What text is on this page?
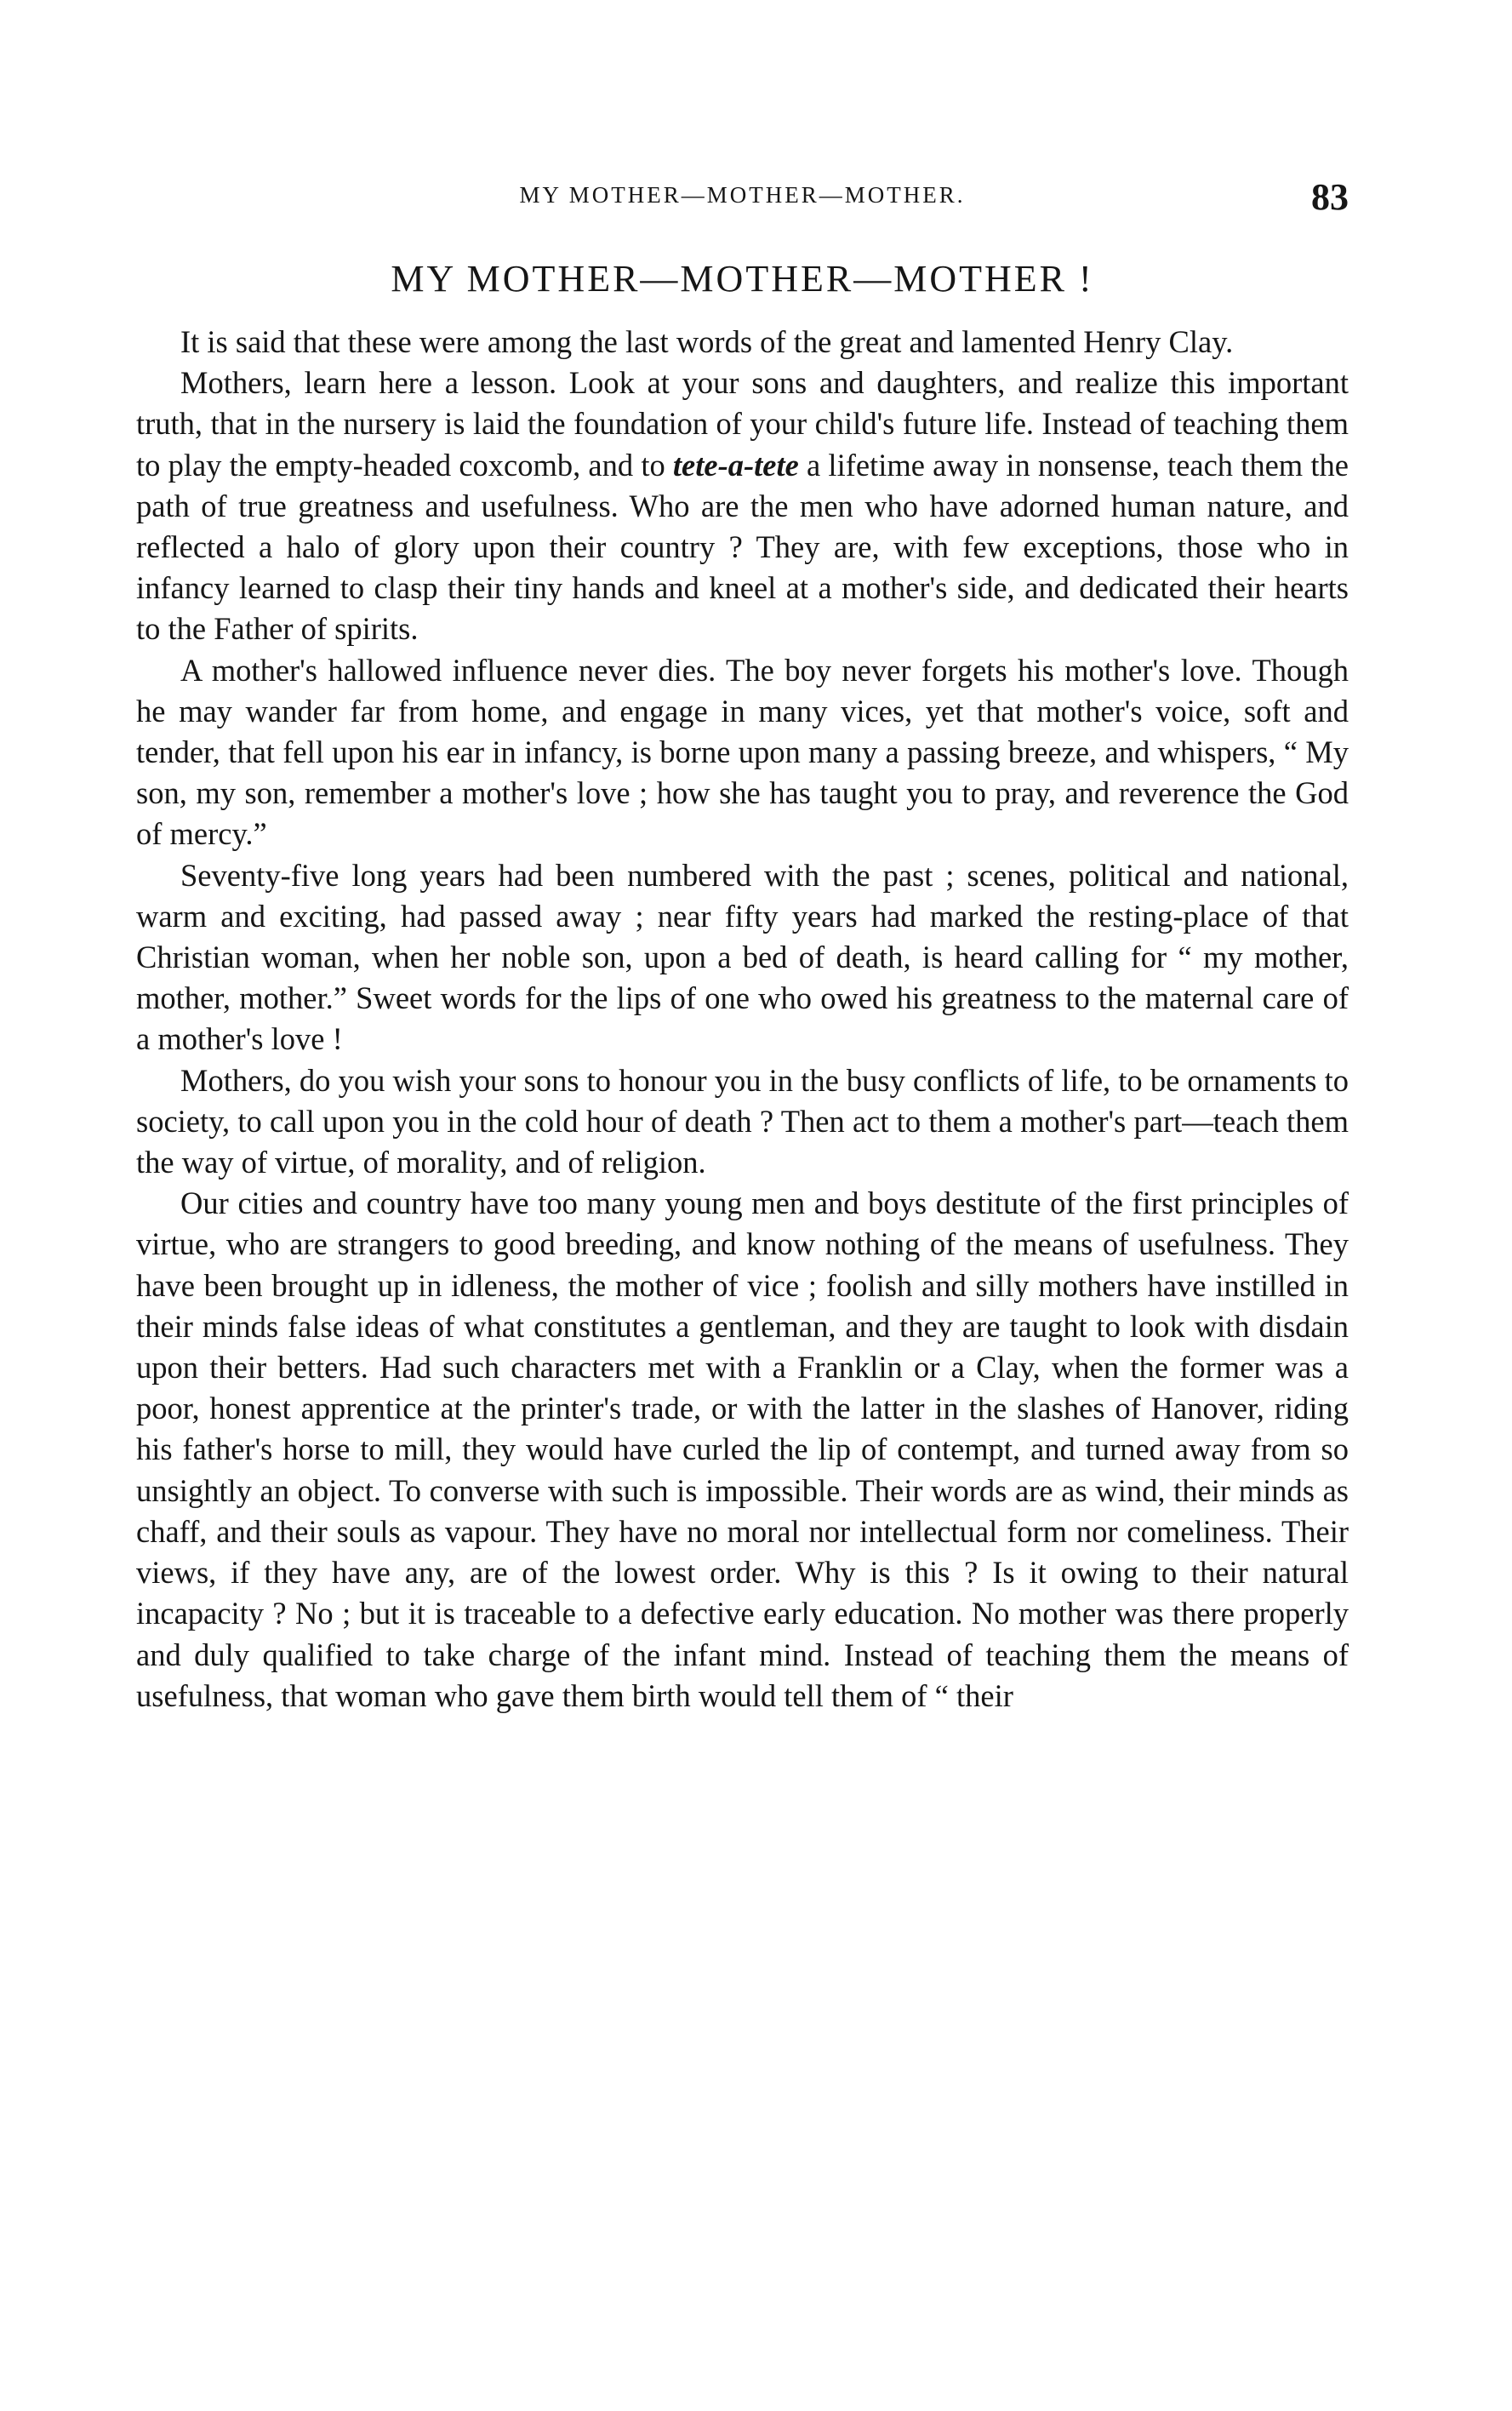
MY MOTHER—MOTHER—MOTHER.	83
MY MOTHER—MOTHER—MOTHER !

It is said that these were among the last words of the great and lamented Henry Clay.

Mothers, learn here a lesson. Look at your sons and daughters, and realize this important truth, that in the nursery is laid the foundation of your child's future life. Instead of teaching them to play the empty-headed coxcomb, and to tete-a-tete a lifetime away in nonsense, teach them the path of true greatness and usefulness. Who are the men who have adorned human nature, and reflected a halo of glory upon their country ? They are, with few exceptions, those who in infancy learned to clasp their tiny hands and kneel at a mother's side, and dedicated their hearts to the Father of spirits.

A mother's hallowed influence never dies. The boy never forgets his mother's love. Though he may wander far from home, and engage in many vices, yet that mother's voice, soft and tender, that fell upon his ear in infancy, is borne upon many a passing breeze, and whispers, “ My son, my son, remember a mother's love ; how she has taught you to pray, and reverence the God of mercy.”

Seventy-five long years had been numbered with the past ; scenes, political and national, warm and exciting, had passed away ; near fifty years had marked the resting-place of that Christian woman, when her noble son, upon a bed of death, is heard calling for “ my mother, mother, mother.” Sweet words for the lips of one who owed his greatness to the maternal care of a mother's love !

Mothers, do you wish your sons to honour you in the busy conflicts of life, to be ornaments to society, to call upon you in the cold hour of death ? Then act to them a mother's part—teach them the way of virtue, of morality, and of religion.

Our cities and country have too many young men and boys destitute of the first principles of virtue, who are strangers to good breeding, and know nothing of the means of usefulness. They have been brought up in idleness, the mother of vice ; foolish and silly mothers have instilled in their minds false ideas of what constitutes a gentleman, and they are taught to look with disdain upon their betters. Had such characters met with a Franklin or a Clay, when the former was a poor, honest apprentice at the printer's trade, or with the latter in the slashes of Hanover, riding his father's horse to mill, they would have curled the lip of contempt, and turned away from so unsightly an object. To converse with such is impossible. Their words are as wind, their minds as chaff, and their souls as vapour. They have no moral nor intellectual form nor comeliness. Their views, if they have any, are of the lowest order. Why is this ? Is it owing to their natural incapacity ? No ; but it is traceable to a defective early education. No mother was there properly and duly qualified to take charge of the infant mind. Instead of teaching them the means of usefulness, that woman who gave them birth would tell them of “ their
